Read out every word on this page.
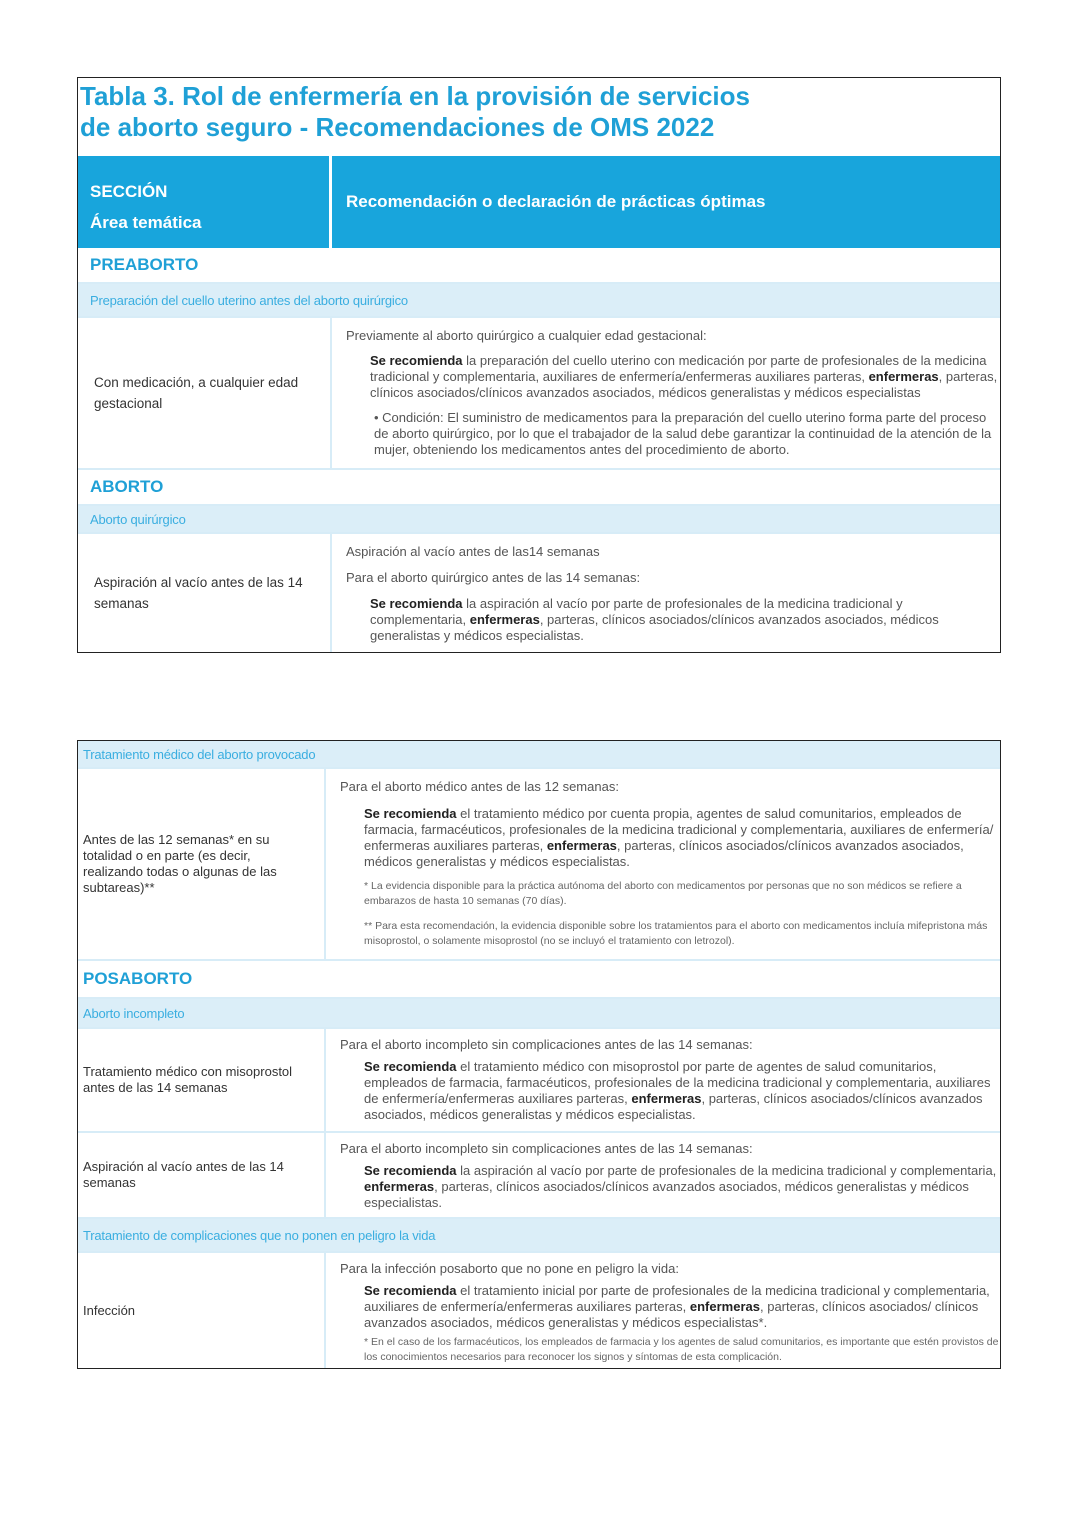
Tabla 3. Rol de enfermería en la provisión de servicios
de aborto seguro - Recomendaciones de OMS 2022
SECCIÓN
Área temática
Recomendación o declaración de prácticas óptimas
PREABORTO
Preparación del cuello uterino antes del aborto quirúrgico
Con medicación, a cualquier edad gestacional

Previamente al aborto quirúrgico a cualquier edad gestacional:

Se recomienda la preparación del cuello uterino con medicación por parte de profesionales de la medicina tradicional y complementaria, auxiliares de enfermería/enfermeras auxiliares parteras, enfermeras, parteras, clínicos asociados/clínicos avanzados asociados, médicos generalistas y médicos especialistas

• Condición: El suministro de medicamentos para la preparación del cuello uterino forma parte del proceso de aborto quirúrgico, por lo que el trabajador de la salud debe garantizar la continuidad de la atención de la mujer, obteniendo los medicamentos antes del procedimiento de aborto.

ABORTO
Aborto quirúrgico
Aspiración al vacío antes de las 14 semanas

Aspiración al vacío antes de las14 semanas

Para el aborto quirúrgico antes de las 14 semanas:

Se recomienda la aspiración al vacío por parte de profesionales de la medicina tradicional y complementaria, enfermeras, parteras, clínicos asociados/clínicos avanzados asociados, médicos generalistas y médicos especialistas.

Tratamiento médico del aborto provocado
Antes de las 12 semanas* en su totalidad o en parte (es decir, realizando todas o algunas de las subtareas)**

Para el aborto médico antes de las 12 semanas:

Se recomienda el tratamiento médico por cuenta propia, agentes de salud comunitarios, empleados de farmacia, farmacéuticos, profesionales de la medicina tradicional y complementaria, auxiliares de enfermería/ enfermeras auxiliares parteras, enfermeras, parteras, clínicos asociados/clínicos avanzados asociados, médicos generalistas y médicos especialistas.

* La evidencia disponible para la práctica autónoma del aborto con medicamentos por personas que no son médicos se refiere a embarazos de hasta 10 semanas (70 días).

** Para esta recomendación, la evidencia disponible sobre los tratamientos para el aborto con medicamentos incluía mifepristona más misoprostol, o solamente misoprostol (no se incluyó el tratamiento con letrozol).

POSABORTO
Aborto incompleto
Tratamiento médico con misoprostol antes de las 14 semanas

Para el aborto incompleto sin complicaciones antes de las 14 semanas:

Se recomienda el tratamiento médico con misoprostol por parte de agentes de salud comunitarios, empleados de farmacia, farmacéuticos, profesionales de la medicina tradicional y complementaria, auxiliares de enfermería/enfermeras auxiliares parteras, enfermeras, parteras, clínicos asociados/clínicos avanzados asociados, médicos generalistas y médicos especialistas.

Aspiración al vacío antes de las 14 semanas

Para el aborto incompleto sin complicaciones antes de las 14 semanas:

Se recomienda la aspiración al vacío por parte de profesionales de la medicina tradicional y complementaria, enfermeras, parteras, clínicos asociados/clínicos avanzados asociados, médicos generalistas y médicos especialistas.

Tratamiento de complicaciones que no ponen en peligro la vida
Infección

Para la infección posaborto que no pone en peligro la vida:

Se recomienda el tratamiento inicial por parte de profesionales de la medicina tradicional y complementaria, auxiliares de enfermería/enfermeras auxiliares parteras, enfermeras, parteras, clínicos asociados/ clínicos avanzados asociados, médicos generalistas y médicos especialistas*.

* En el caso de los farmacéuticos, los empleados de farmacia y los agentes de salud comunitarios, es importante que estén provistos de los conocimientos necesarios para reconocer los signos y síntomas de esta complicación.
